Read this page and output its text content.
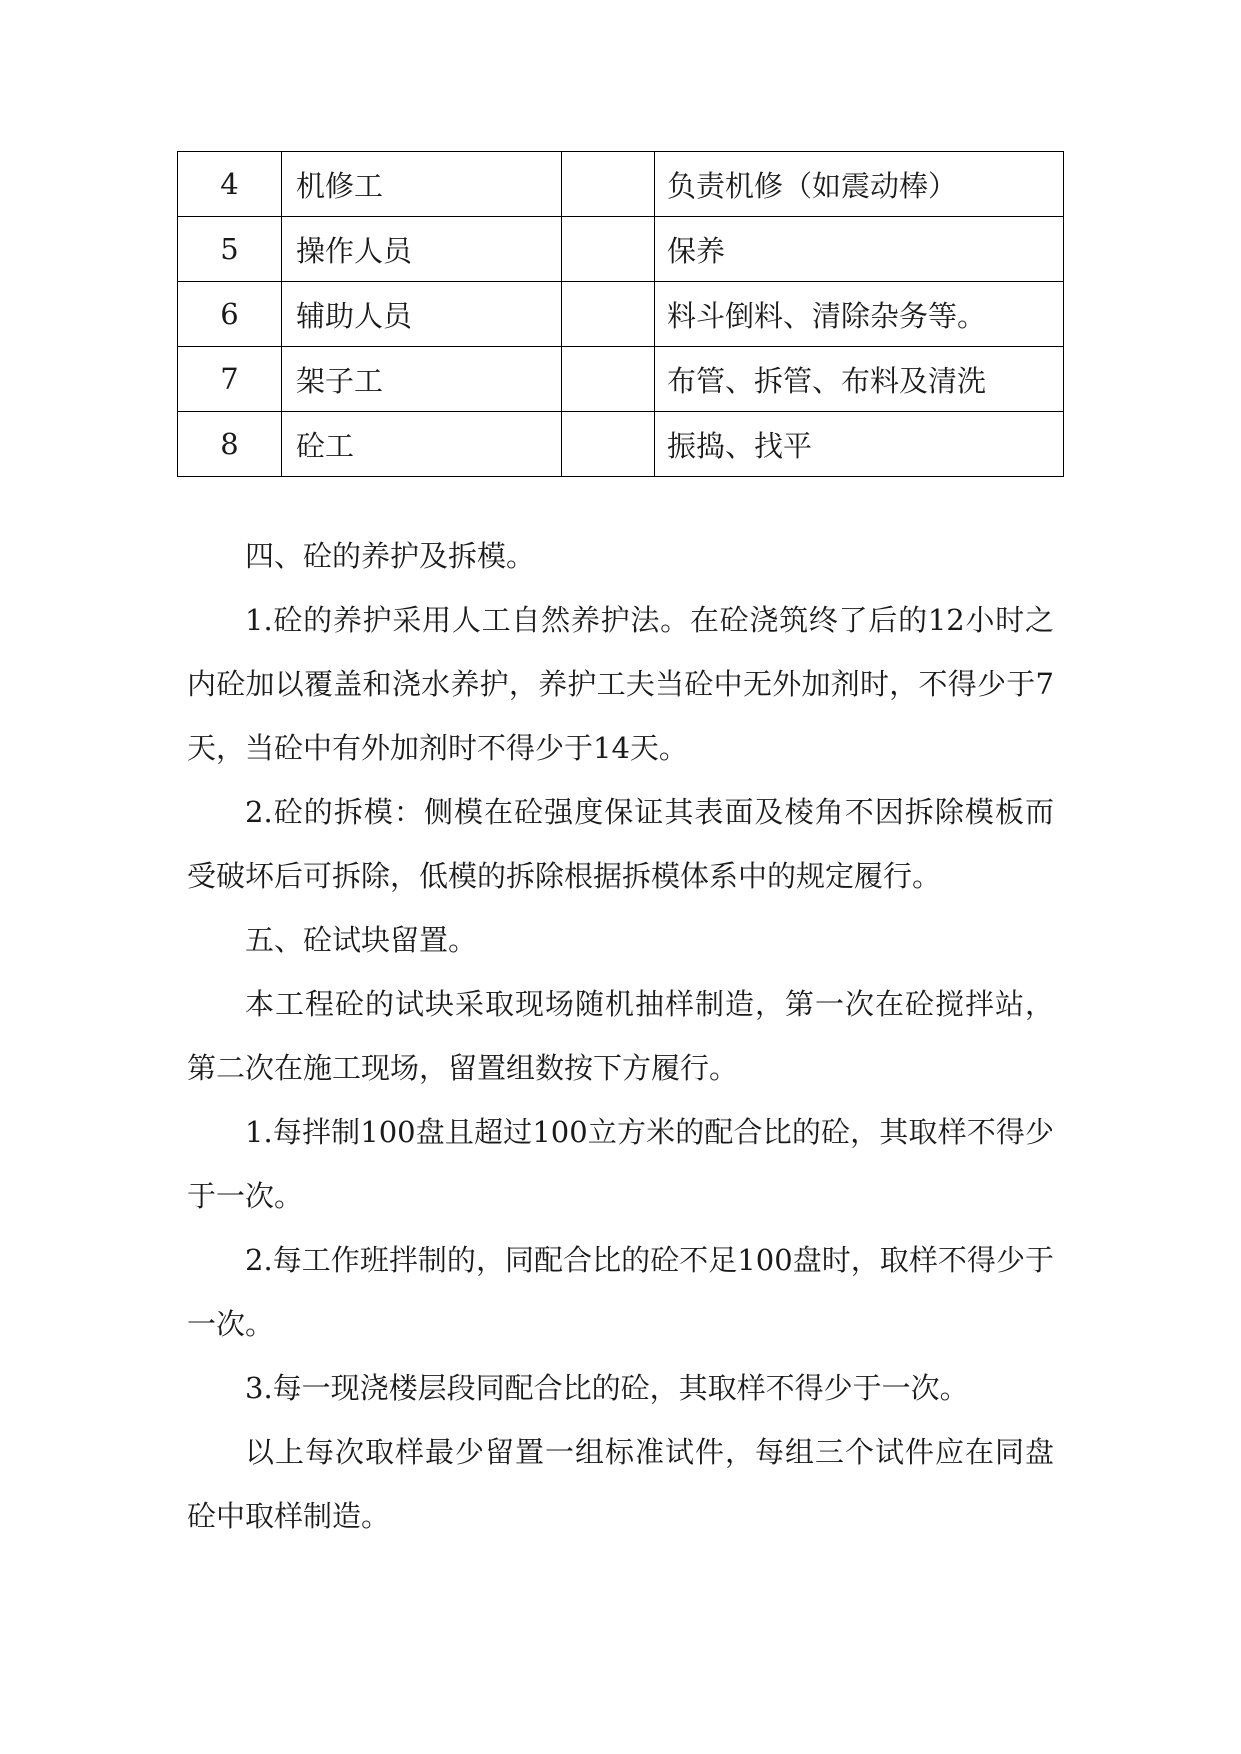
4	机修工		负责机修（如震动棒）
5	操作人员		保养
6	辅助人员		料斗倒料、清除杂务等。
7	架子工		布管、拆管、布料及清洗
8	砼工		振捣、找平

四、砼的养护及拆模。

1.砼的养护采用人工自然养护法。在砼浇筑终了后的12小时之内砼加以覆盖和浇水养护，养护工夫当砼中无外加剂时，不得少于7天，当砼中有外加剂时不得少于14天。

2.砼的拆模：侧模在砼强度保证其表面及棱角不因拆除模板而受破坏后可拆除，低模的拆除根据拆模体系中的规定履行。

五、砼试块留置。

本工程砼的试块采取现场随机抽样制造，第一次在砼搅拌站，第二次在施工现场，留置组数按下方履行。

1.每拌制100盘且超过100立方米的配合比的砼，其取样不得少于一次。

2.每工作班拌制的，同配合比的砼不足100盘时，取样不得少于一次。

3.每一现浇楼层段同配合比的砼，其取样不得少于一次。

以上每次取样最少留置一组标准试件，每组三个试件应在同盘砼中取样制造。
